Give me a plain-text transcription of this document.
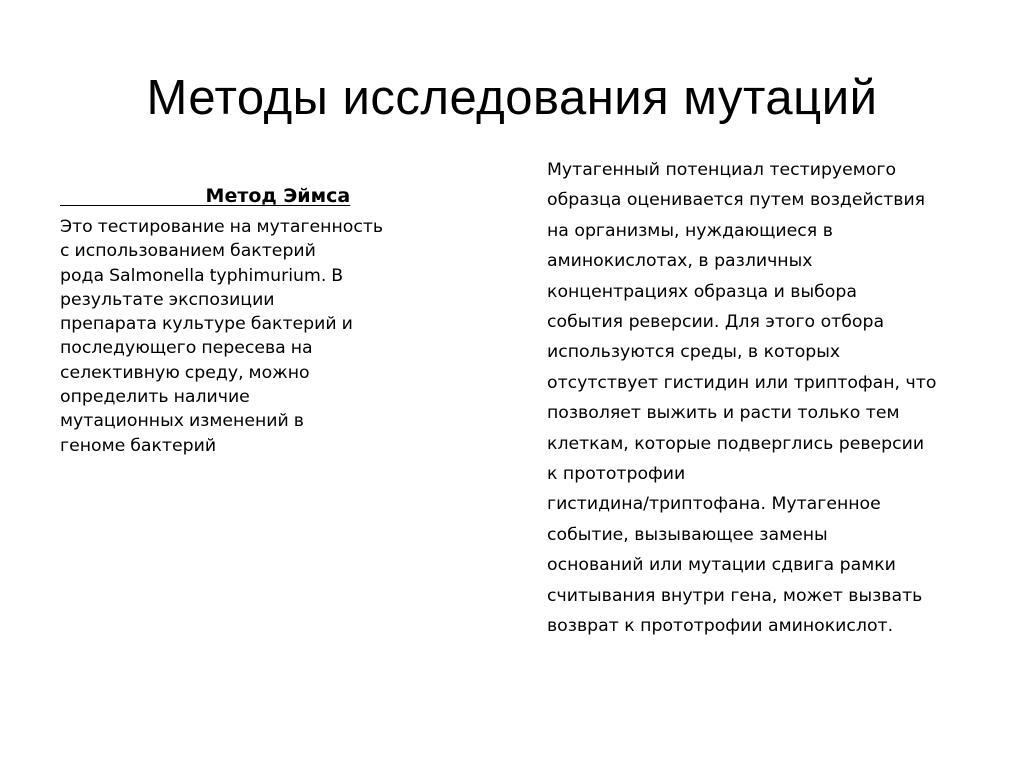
Методы исследования мутаций

Метод Эймса

Это тестирование на мутагенность
с использованием бактерий
рода Salmonella typhimurium. В
результате экспозиции
препарата культуре бактерий и
последующего пересева на
селективную среду, можно
определить наличие
мутационных изменений в
геноме бактерий

Мутагенный потенциал тестируемого
образца оценивается путем воздействия
на организмы, нуждающиеся в
аминокислотах, в различных
концентрациях образца и выбора
события реверсии. Для этого отбора
используются среды, в которых
отсутствует гистидин или триптофан, что
позволяет выжить и расти только тем
клеткам, которые подверглись реверсии
к прототрофии
гистидина/триптофана. Мутагенное
событие, вызывающее замены
оснований или мутации сдвига рамки
считывания внутри гена, может вызвать
возврат к прототрофии аминокислот.
